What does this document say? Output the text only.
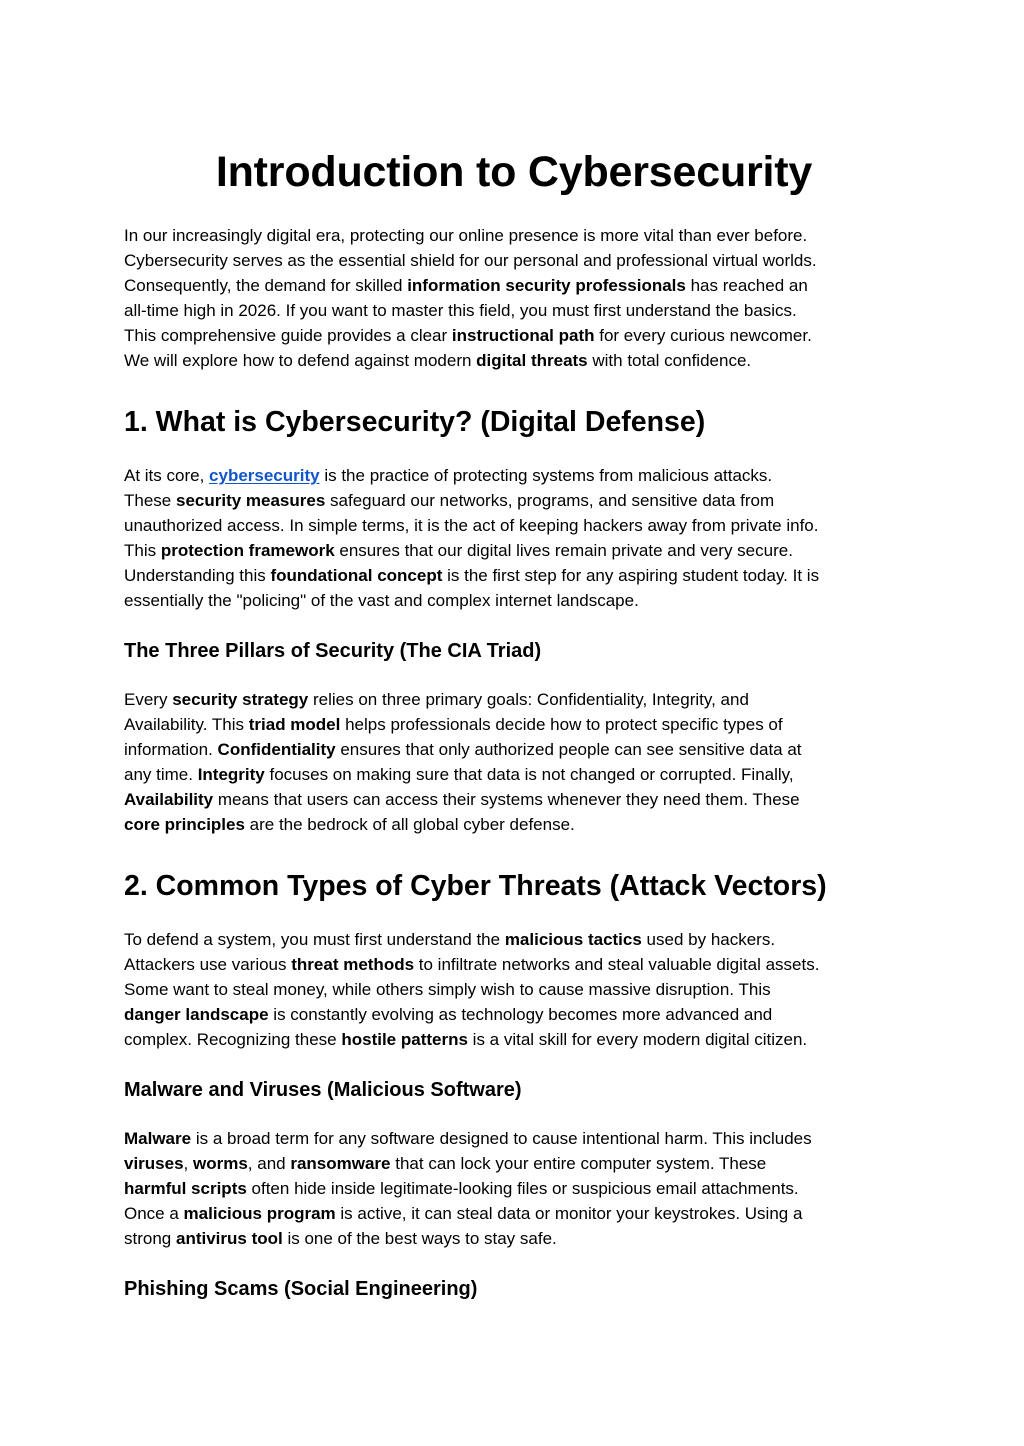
Introduction to Cybersecurity

In our increasingly digital era, protecting our online presence is more vital than ever before.
Cybersecurity serves as the essential shield for our personal and professional virtual worlds.
Consequently, the demand for skilled information security professionals has reached an
all-time high in 2026. If you want to master this field, you must first understand the basics.
This comprehensive guide provides a clear instructional path for every curious newcomer.
We will explore how to defend against modern digital threats with total confidence.

1. What is Cybersecurity? (Digital Defense)

At its core, cybersecurity is the practice of protecting systems from malicious attacks.
These security measures safeguard our networks, programs, and sensitive data from
unauthorized access. In simple terms, it is the act of keeping hackers away from private info.
This protection framework ensures that our digital lives remain private and very secure.
Understanding this foundational concept is the first step for any aspiring student today. It is
essentially the "policing" of the vast and complex internet landscape.

The Three Pillars of Security (The CIA Triad)

Every security strategy relies on three primary goals: Confidentiality, Integrity, and
Availability. This triad model helps professionals decide how to protect specific types of
information. Confidentiality ensures that only authorized people can see sensitive data at
any time. Integrity focuses on making sure that data is not changed or corrupted. Finally,
Availability means that users can access their systems whenever they need them. These
core principles are the bedrock of all global cyber defense.

2. Common Types of Cyber Threats (Attack Vectors)

To defend a system, you must first understand the malicious tactics used by hackers.
Attackers use various threat methods to infiltrate networks and steal valuable digital assets.
Some want to steal money, while others simply wish to cause massive disruption. This
danger landscape is constantly evolving as technology becomes more advanced and
complex. Recognizing these hostile patterns is a vital skill for every modern digital citizen.

Malware and Viruses (Malicious Software)

Malware is a broad term for any software designed to cause intentional harm. This includes
viruses, worms, and ransomware that can lock your entire computer system. These
harmful scripts often hide inside legitimate-looking files or suspicious email attachments.
Once a malicious program is active, it can steal data or monitor your keystrokes. Using a
strong antivirus tool is one of the best ways to stay safe.

Phishing Scams (Social Engineering)
